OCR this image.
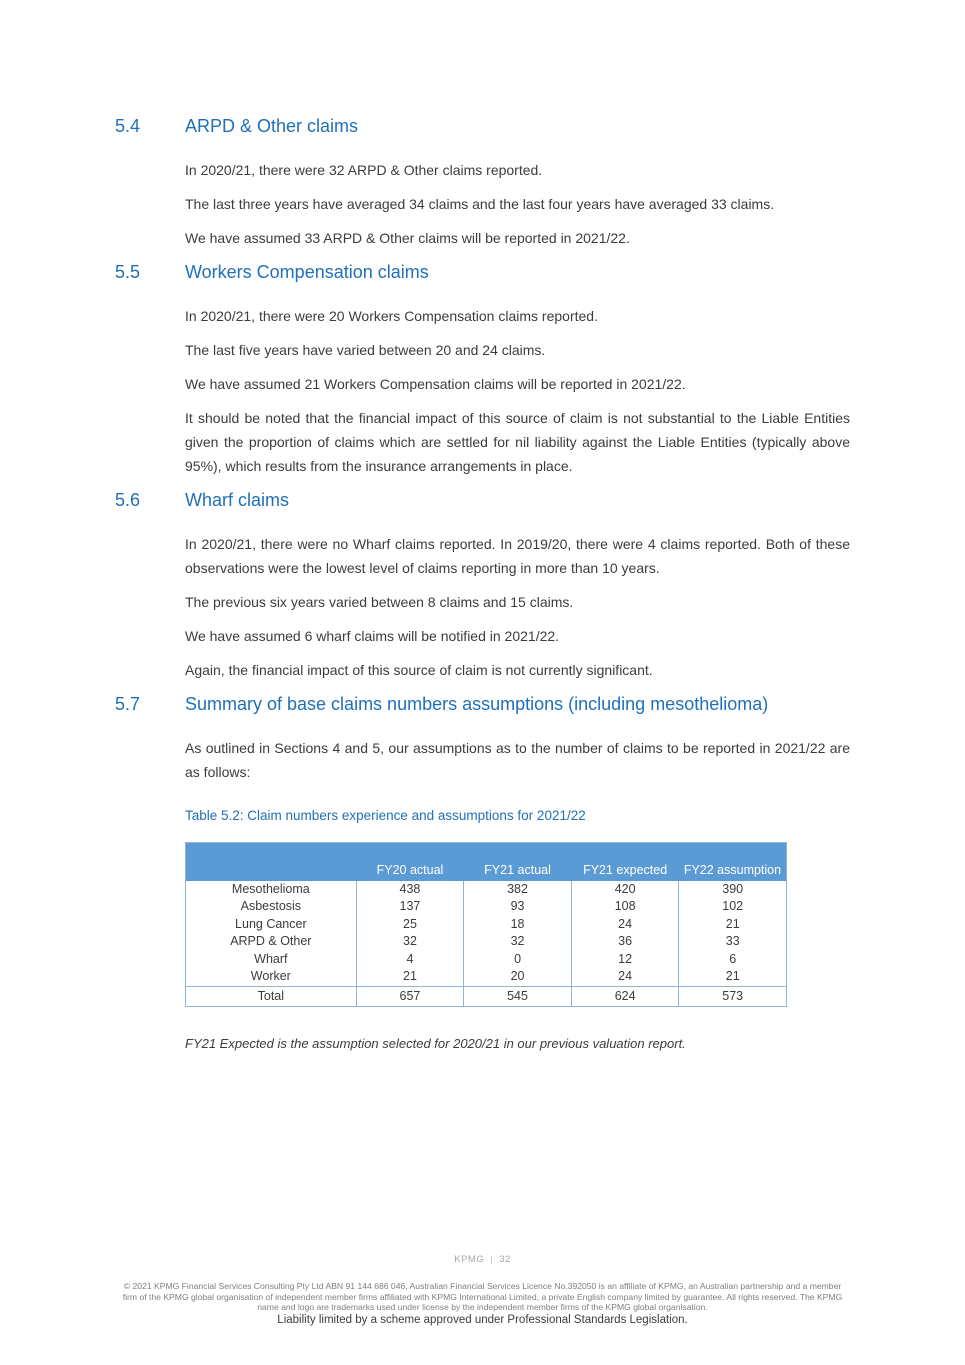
5.4	ARPD & Other claims

In 2020/21, there were 32 ARPD & Other claims reported.

The last three years have averaged 34 claims and the last four years have averaged 33 claims.

We have assumed 33 ARPD & Other claims will be reported in 2021/22.

5.5	Workers Compensation claims

In 2020/21, there were 20 Workers Compensation claims reported.

The last five years have varied between 20 and 24 claims.

We have assumed 21 Workers Compensation claims will be reported in 2021/22.

It should be noted that the financial impact of this source of claim is not substantial to the Liable Entities given the proportion of claims which are settled for nil liability against the Liable Entities (typically above 95%), which results from the insurance arrangements in place.

5.6	Wharf claims

In 2020/21, there were no Wharf claims reported. In 2019/20, there were 4 claims reported. Both of these observations were the lowest level of claims reporting in more than 10 years.

The previous six years varied between 8 claims and 15 claims.

We have assumed 6 wharf claims will be notified in 2021/22.

Again, the financial impact of this source of claim is not currently significant.

5.7	Summary of base claims numbers assumptions (including mesothelioma)

As outlined in Sections 4 and 5, our assumptions as to the number of claims to be reported in 2021/22 are as follows:

Table 5.2: Claim numbers experience and assumptions for 2021/22
	FY20 actual	FY21 actual	FY21 expected	FY22 assumption
Mesothelioma	438	382	420	390
Asbestosis	137	93	108	102
Lung Cancer	25	18	24	21
ARPD & Other	32	32	36	33
Wharf	4	0	12	6
Worker	21	20	24	21
Total	657	545	624	573
FY21 Expected is the assumption selected for 2020/21 in our previous valuation report.
KPMG | 32
© 2021 KPMG Financial Services Consulting Pty Ltd ABN 91 144 686 046, Australian Financial Services Licence No.392050 is an affiliate of KPMG, an Australian partnership and a member firm of the KPMG global organisation of independent member firms affiliated with KPMG International Limited, a private English company limited by guarantee. All rights reserved. The KPMG name and logo are trademarks used under license by the independent member firms of the KPMG global organisation.
Liability limited by a scheme approved under Professional Standards Legislation.
